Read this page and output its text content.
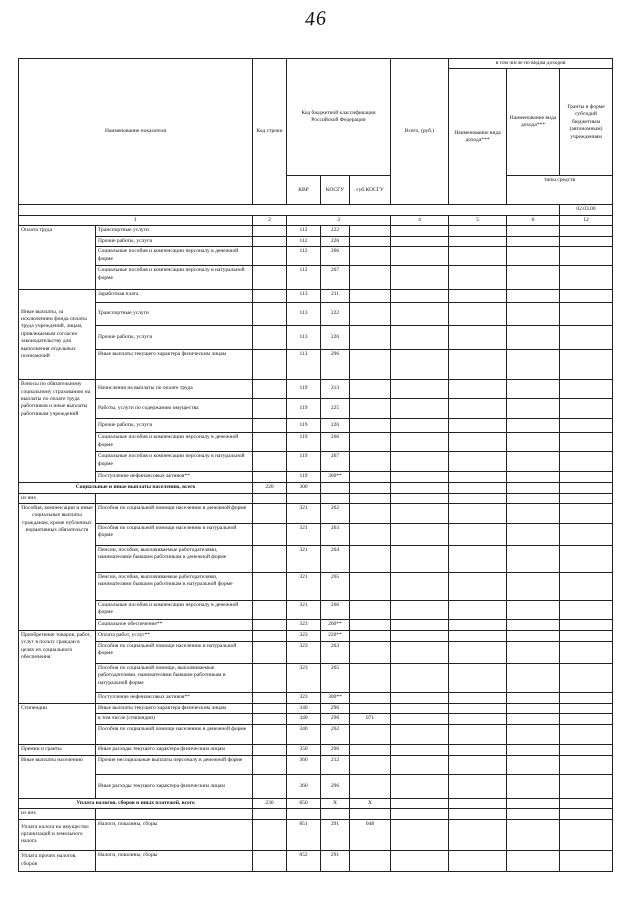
46
Наименование показателя		Код строки	Код бюджетной классификации Российской Федерации			Всего, (руб.)	в том числе по видам доходов		
							Наименование вида дохода***	Наименование вида дохода***	Гранты в форме субсидий бюджетным (автономным) учреждениям
			КВР	КОСГУ	суб.КОСГУ			типы средств	
									02.03.00
1		2	3			4	5	6	12
Оплата труда	Транспортные услуги		112	222					
	Прочие работы, услуги		112	226					
	Социальные пособия и компенсации персоналу в денежной форме		112	266					
	Социальные пособия и компенсации персоналу в натуральной форме		112	267					
Иные выплаты, за исключением фонда оплаты труда учреждений, лицам, привлекаемым согласно законодательству для выполнения отдельных полномочий	Заработная плата		113	211					
	Транспортные услуги		113	222					
	Прочие работы, услуги		113	226					
	Иные выплаты текущего характера физическим лицам		113	296					
Взносы по обязательному социальному страхованию на выплаты по оплате труда работников и иные выплаты работникам учреждений	Начисления на выплаты по оплате труда		119	213					
	Работы, услуги по содержанию имущества		119	225					
	Прочие работы, услуги		119	226					
	Социальные пособия и компенсации персоналу в денежной форме		119	266					
	Социальные пособия и компенсации персоналу в натуральной форме		119	267					
	Поступление нефинансовых активов**		119	300**					
Социальные и иные выплаты населению, всего		220	300						
из них									
Пособия, компенсации и иные социальные выплаты гражданам, кроме публичных нормативных обязательств	Пособия по социальной помощи населению в денежной форме		321	262					
	Пособия по социальной помощи населению в натуральной форме		321	263					
	Пенсии, пособия, выплачиваемые работодателями, нанимателями бывшим работникам в денежной форме		321	264					
	Пенсии, пособия, выплачиваемые работодателями, нанимателями бывшим работникам в натуральной форме		321	265					
	Социальные пособия и компенсации персоналу в денежной форме		321	266					
	Социальное обеспечение**		323	260**					
Приобретение товаров, работ, услуг в пользу граждан в целях их социального обеспечения	Оплата работ, услуг**		323	220**					
	Пособия по социальной помощи населению в натуральной форме		323	263					
	Пособия по социальной помощи, выплачиваемые работодателями, нанимателями бывшим работникам в натуральной форме		323	265					
	Поступление нефинансовых активов**		323	300**					
Стипендии	Иные выплаты текущего характера физическим лицам		340	296					
	в том числе (стипендии)		340	296	071				
	Пособия по социальной помощи населению в денежной форме		340	262					
Премии и гранты	Иные расходы текущего характера физическим лицам		350	296					
Иные выплаты населению	Прочие несоциальные выплаты персоналу в денежной форме		360	212					
	Иные расходы текущего характера физическим лицам		360	296					
Уплата налогов, сборов и иных платежей, всего		230	850	X	X				
из них									
Уплата налога на имущество организаций и земельного налога	Налоги, пошлины, сборы		851	291	048				
Уплата прочих налогов, сборов	Налоги, пошлины, сборы		852	291					
